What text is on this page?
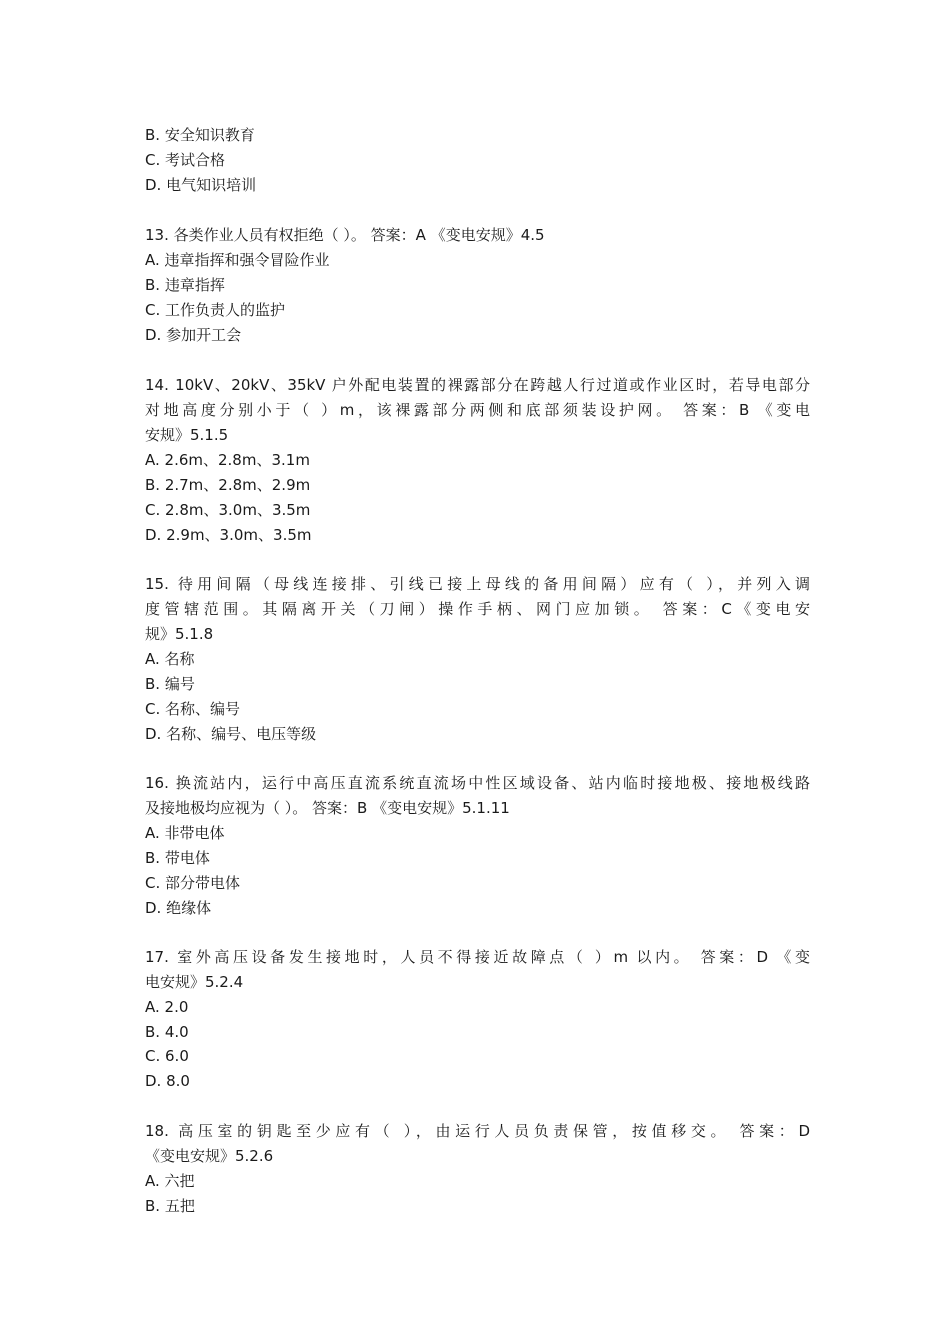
B. 安全知识教育
C. 考试合格
D. 电气知识培训
13. 各类作业人员有权拒绝（ ）。 答案：A 《变电安规》4.5
A. 违章指挥和强令冒险作业
B. 违章指挥
C. 工作负责人的监护
D. 参加开工会
14. 10kV、20kV、35kV 户外配电装置的裸露部分在跨越人行过道或作业区时，若导电部分
对地高度分别小于（ ）m，该裸露部分两侧和底部须装设护网。 答案：B 《变电
安规》5.1.5
A. 2.6m、2.8m、3.1m
B. 2.7m、2.8m、2.9m
C. 2.8m、3.0m、3.5m
D. 2.9m、3.0m、3.5m
15. 待用间隔（母线连接排、引线已接上母线的备用间隔）应有（ ），并列入调
度管辖范围。其隔离开关（刀闸）操作手柄、网门应加锁。 答案：C《变电安
规》5.1.8
A. 名称
B. 编号
C. 名称、编号
D. 名称、编号、电压等级
16. 换流站内，运行中高压直流系统直流场中性区域设备、站内临时接地极、接地极线路
及接地极均应视为（ ）。 答案：B 《变电安规》5.1.11
A. 非带电体
B. 带电体
C. 部分带电体
D. 绝缘体
17. 室外高压设备发生接地时，人员不得接近故障点（ ）m 以内。 答案：D 《变
电安规》5.2.4
A. 2.0
B. 4.0
C. 6.0
D. 8.0
18. 高压室的钥匙至少应有（ ），由运行人员负责保管，按值移交。 答案：D
《变电安规》5.2.6
A. 六把
B. 五把
